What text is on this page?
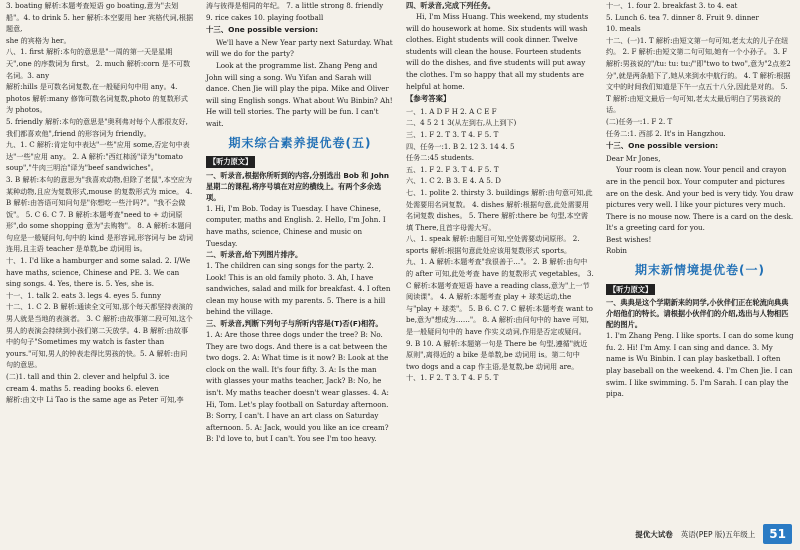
3. boating 解析:本题考查短语 go boating,意为"去划船"。4. to drink 5. her 解析:本空要用 her 宾格代词,根据题意,

she 的宾格为 her。

八、1. first 解析:本句的意思是"一周的第一天是星期天",one 的序数词为 first。 2. much 解析:corn 是不可数名词。3. any

解析:hills 是可数名词复数,在一般疑问句中用 any。4. photos 解析:many 修饰可数名词复数,photo 的复数形式为 photos。

5. friendly 解析:本句的意思是"奥利弗对每个人都很友好,我们都喜欢他",friend 的形容词为 friendly。

九、1. C 解析:肯定句中表达"一些"应用 some,否定句中表达"一些"应用 any。 2. A 解析:"西红柿汤"译为"tomato soup","牛肉三明治"译为"beef sandwiches"。

3. B 解析:本句的意思为"我喜欢动物,但除了老鼠",本空应为某种动物,且应为复数形式,mouse 的复数形式为 mice。 4. B 解析:由答语可知问句是"你想吃一些汁吗?"。"我不会做饭"。 5. C 6. C 7. B 解析:本题考查"need to + 动词原形",do some shopping 意为"去购物"。 8. A 解析:本题问句应是一般疑问句,句中的 kind 是形容词,形容词与 be 动词连用,且主语 teacher 是单数,be 动词用 is。

十、1. I'd like a hamburger and some salad. 2. I/We have maths, science, Chinese and PE. 3. We can sing songs. 4. Yes, there is. 5. Yes, she is.

十一、1. talk 2. eats 3. legs 4. eyes 5. funny

十二、1. C 2. B 解析:通读全文可知,那个每天都坚持表演的男人就是当地的表演者。 3. C 解析:由故事第二段可知,这个男人的表演会持续到小孩们第二天放学。4. B 解析:由故事中的句子"Sometimes my watch is faster than yours."可知,男人的钟表走得比男孩的快。5. A 解析:由问句的意思。

(二)1. tall and thin 2. clever and helpful 3. ice cream 4. maths 5. reading books 6. eleven

解析:由文中 Li Tao is the same age as Peter 可知,李

涛与彼得是相同的年纪。 7. a little strong 8. friendly

9. rice cakes 10. playing football

十三、One possible version:

We'll have a New Year party next Saturday. What will we do for the party?

Look at the programme list. Zhang Peng and John will sing a song. Wu Yifan and Sarah will dance. Chen Jie will play the pipa. Mike and Oliver will sing English songs. What about Wu Binbin? Ah! He will tell stories. The party will be fun. I can't wait.

期末综合素养提优卷(五)

【听力原文】

一、听录音,根据你所听到的内容,分别选出 Bob 和 John 星期二的课程,将序号填在对应的横线上。有两个多余选项。

1. Hi, I'm Bob. Today is Tuesday. I have Chinese, computer, maths and English. 2. Hello, I'm John. I have maths, science, Chinese and music on Tuesday.

二、听录音,给下列图片排序。

1. The children can sing songs for the party. 2. Look! This is an old family photo. 3. Ah, I have sandwiches, salad and milk for breakfast. 4. I often clean my house with my parents. 5. There is a hill behind the village.

三、听录音,判断下列句子与所听内容是(T)否(F)相符。

1. A: Are those three dogs under the tree? B: No. They are two dogs. And there is a cat between the two dogs. 2. A: What time is it now? B: Look at the clock on the wall. It's four fifty. 3. A: Is the man with glasses your maths teacher, Jack? B: No, he isn't. My maths teacher doesn't wear glasses. 4. A: Hi, Tom. Let's play football on Saturday afternoon. B: Sorry, I can't. I have an art class on Saturday afternoon. 5. A: Jack, would you like an ice cream? B: I'd love to, but I can't. You see I'm too heavy.

四、听录音,完成下列任务。

Hi, I'm Miss Huang. This weekend, my students will do housework at home. Six students will wash clothes. Eight students will cook dinner. Twelve students will clean the house. Fourteen students will do the dishes, and five students will put away the clothes. I'm so happy that all my students are helpful at home.

【参考答案】

一、1. A D F H 2. A C E F

二、4 5 2 1 3(从左到右,从上到下)

三、1. F 2. T 3. T 4. F 5. T

四、任务一:1. B 2. 12 3. 14 4. 5

任务二:45 students.

五、1. F 2. F 3. T 4. F 5. T

六、1. C 2. B 3. E 4. A 5. D

七、1. polite 2. thirsty 3. buildings 解析:由句意可知,此处需要用名词复数。 4. dishes 解析:根据句意,此处需要用名词复数 dishes。 5. There 解析:there be 句型,本空需填 There,且首字母需大写。

八、1. speak 解析:由题目可知,空处需要动词原形。 2. sports 解析:根据句意此处应该用复数形式 sports。

九、1. A 解析:本题考查"我很善于…"。 2. B 解析:由句中的 after 可知,此处考查 have 的复数形式 vegetables。 3. C 解析:本题考查短语 have a reading class,意为"上一节阅读课"。 4. A 解析:本题考查 play + 球类运动,the 与"play + 球类"。 5. B 6. C 7. C 解析:本题考查 want to be,意为"想成为……"。 8. A 解析:由问句中的 have 可知,是一般疑问句中的 have 作实义动词,作用是否定或疑问。 9. B 10. A 解析:本题第一句是 There be 句型,遵循"就近原则",离得近的 a bike 是单数,be 动词用 is。第二句中 two dogs and a cap 作主语,是复数,be 动词用 are。

十、1. F 2. T 3. T 4. F 5. T

十一、1. four 2. breakfast 3. to 4. eat

5. Lunch 6. tea 7. dinner 8. Fruit 9. dinner

10. meals

十二、(一)1. T 解析:由短文第一句可知,老太太的儿子在纽约。 2. F 解析:由短文第二句可知,她有一个小孙子。 3. F 解析:男孩说的"/tu: tu: tu:/"即"two to two",意为"2点差2分",就是两条船下了,她从来到水中航行的。 4. T 解析:根据文中的时间我们知道是下午一点五十八分,因此是对的。 5. T 解析:由短文最后一句可知,老太太最后明白了男孩说的话。

(二)任务一:1. F 2. T

任务二:1. 西部 2. It's in Hangzhou.

十三、One possible version:

Dear Mr Jones,

Your room is clean now. Your pencil and crayon are in the pencil box. Your computer and pictures are on the desk. And your bed is very tidy. You draw pictures very well. I like your pictures very much. There is no mouse now. There is a card on the desk. It's a greeting card for you.

Best wishes!

Robin

期末新情境提优卷(一)

【听力原文】

一、典典是这个学期新来的同学,小伙伴们正在轮流向典典介绍他们的特长。请根据小伙伴们的介绍,选出与人物相匹配的图片。

1. I'm Zhang Peng. I like sports. I can do some kung fu. 2. Hi! I'm Amy. I can sing and dance. 3. My name is Wu Binbin. I can play basketball. I often play baseball on the weekend. 4. I'm Chen Jie. I can swim. I like swimming. 5. I'm Sarah. I can play the pipa.

提优大试卷 英语(PEP 版)五年级上	51
